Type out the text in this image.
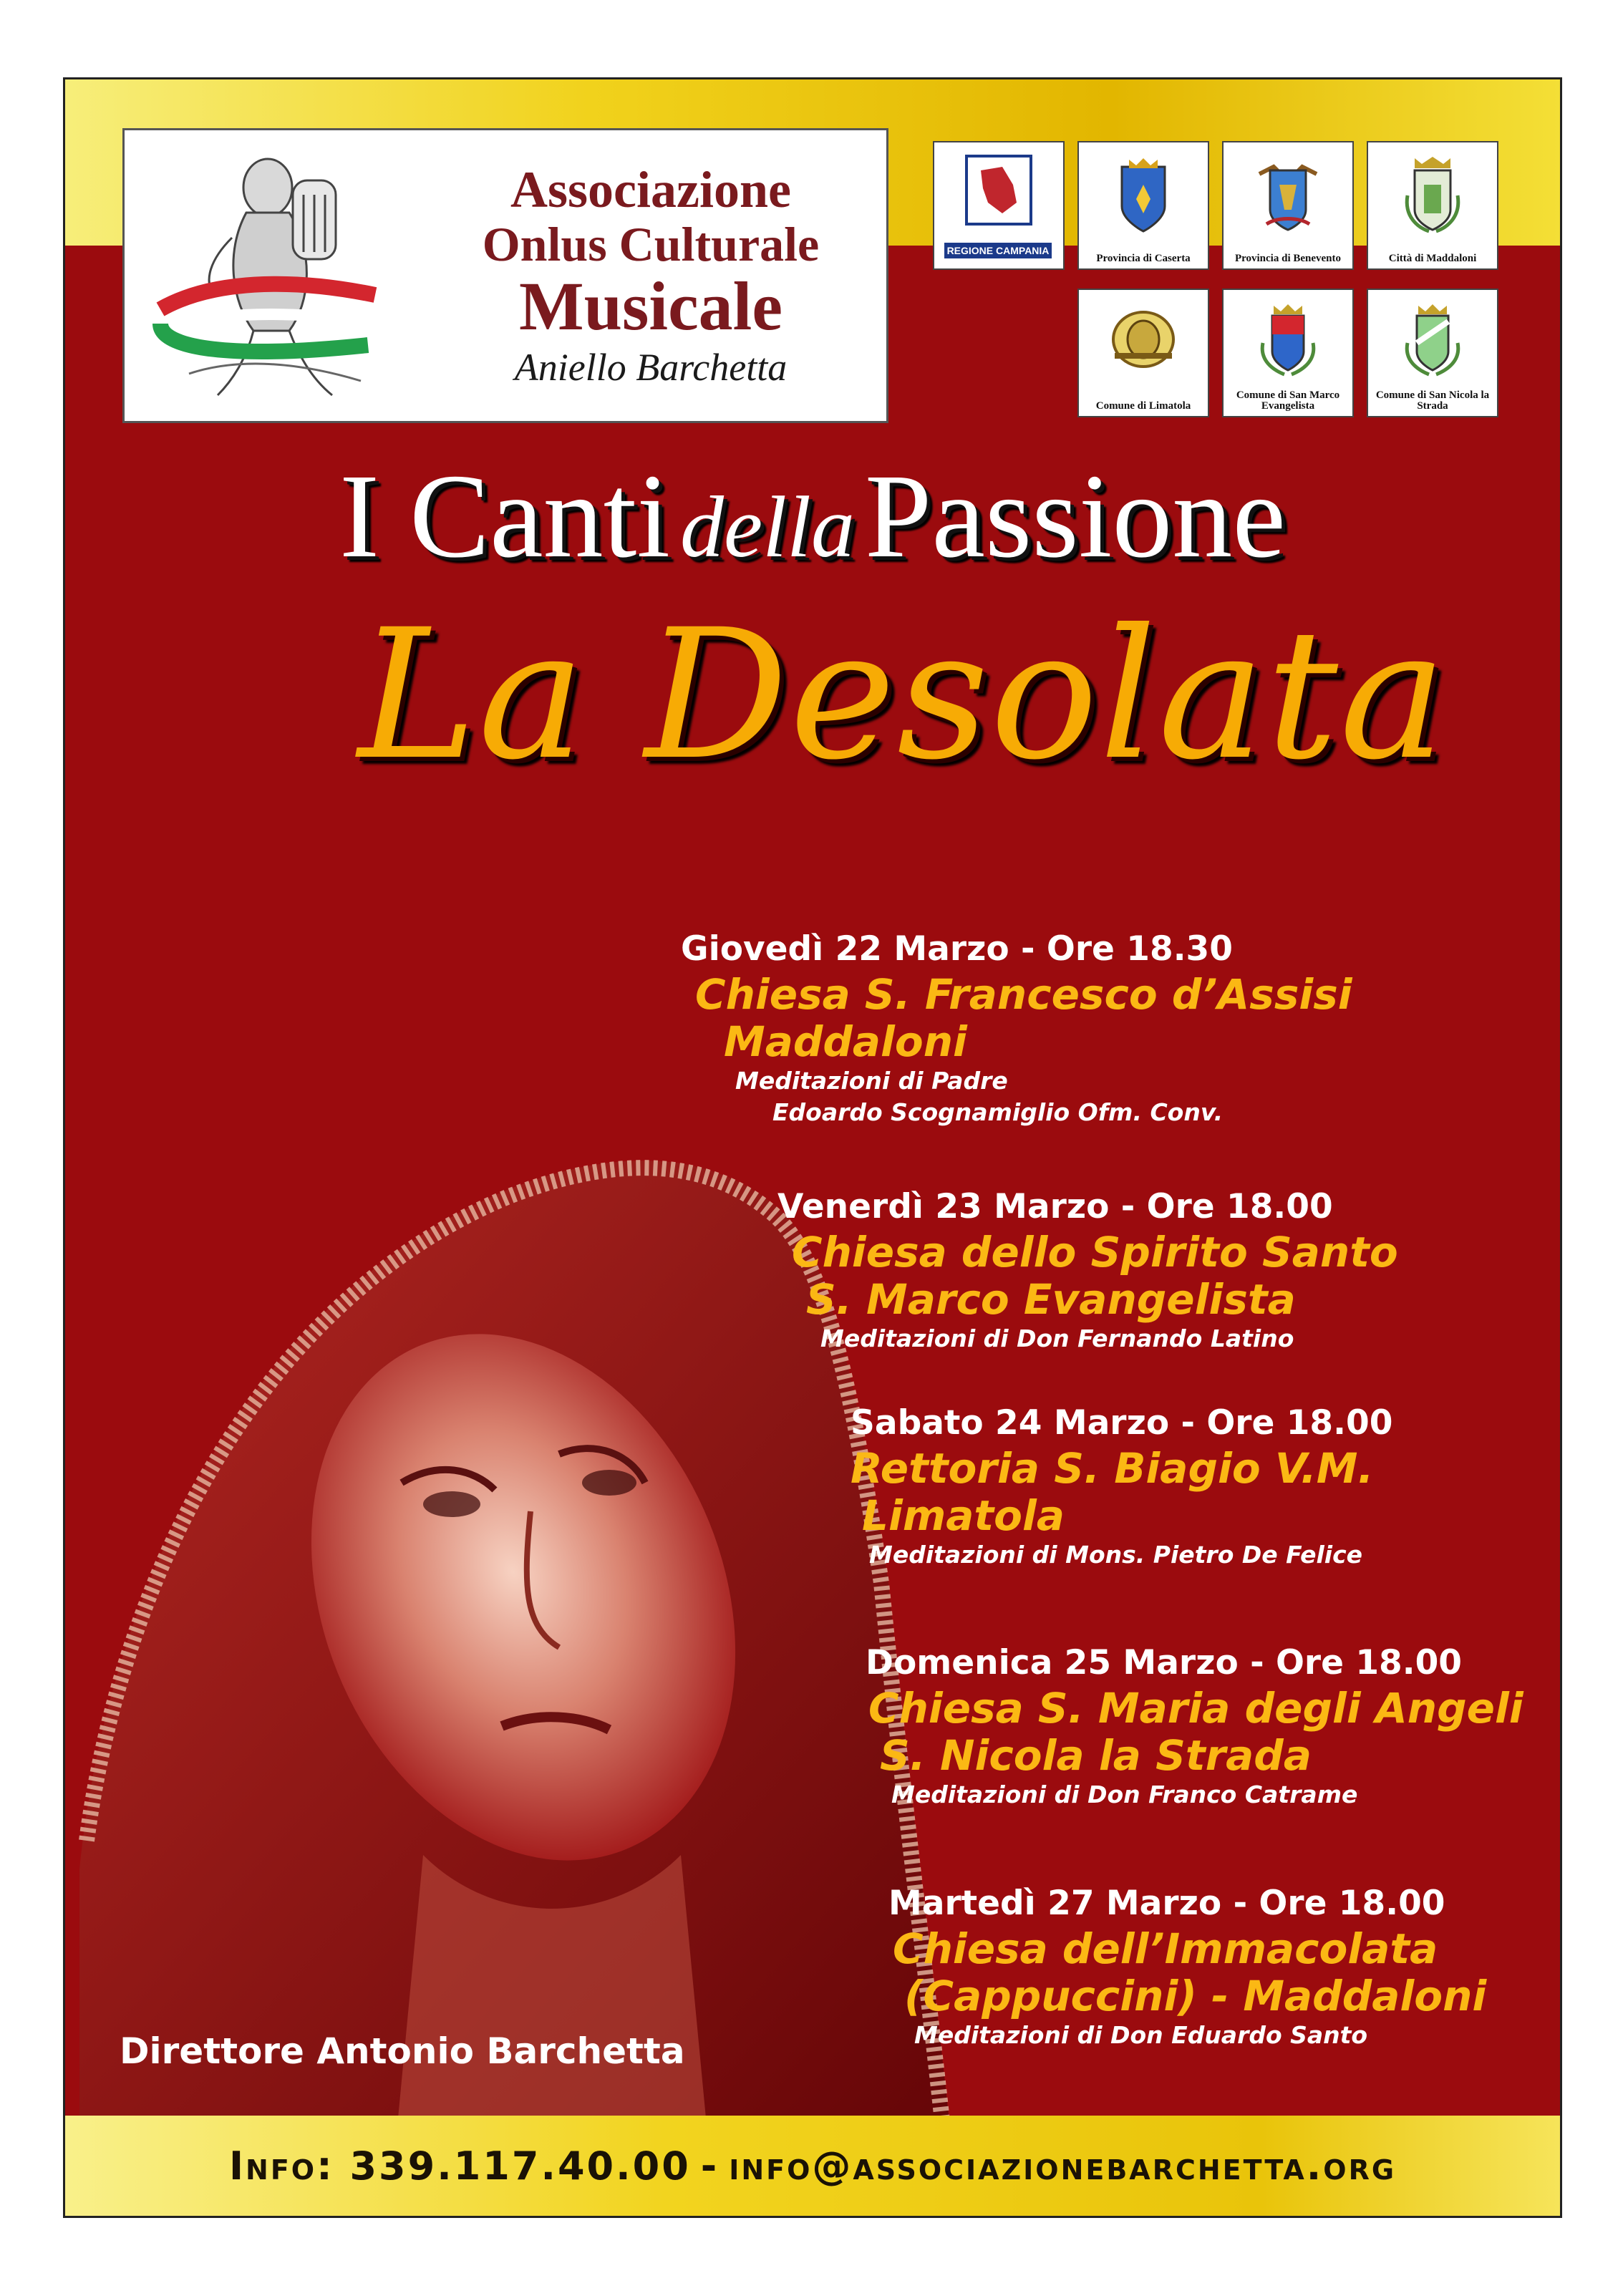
Associazione
Onlus Culturale
Musicale
Aniello Barchetta
REGIONE CAMPANIA
Provincia di Caserta	Provincia di Benevento	Città di Maddaloni
Comune di Limatola
Comune di San Marco Evangelista
Comune di San Nicola la Strada
I Canti dellaPassione
La Desolata
Giovedì 22 Marzo - Ore 18.30
Chiesa S. Francesco d’Assisi
Maddaloni
Meditazioni di Padre
Edoardo Scognamiglio Ofm. Conv.
Venerdì 23 Marzo - Ore 18.00
Chiesa dello Spirito Santo
S. Marco Evangelista
Meditazioni di Don Fernando Latino
Sabato 24 Marzo - Ore 18.00
Rettoria S. Biagio V.M.
Limatola
Meditazioni di Mons. Pietro De Felice
Domenica 25 Marzo - Ore 18.00
Chiesa S. Maria degli Angeli
S. Nicola la Strada
Meditazioni di Don Franco Catrame
Martedì 27 Marzo - Ore 18.00
Chiesa dell’Immacolata
(Cappuccini) - Maddaloni
Meditazioni di Don Eduardo Santo
Direttore Antonio Barchetta
Info: 339.117.40.00 - info@associazionebarchetta.org
